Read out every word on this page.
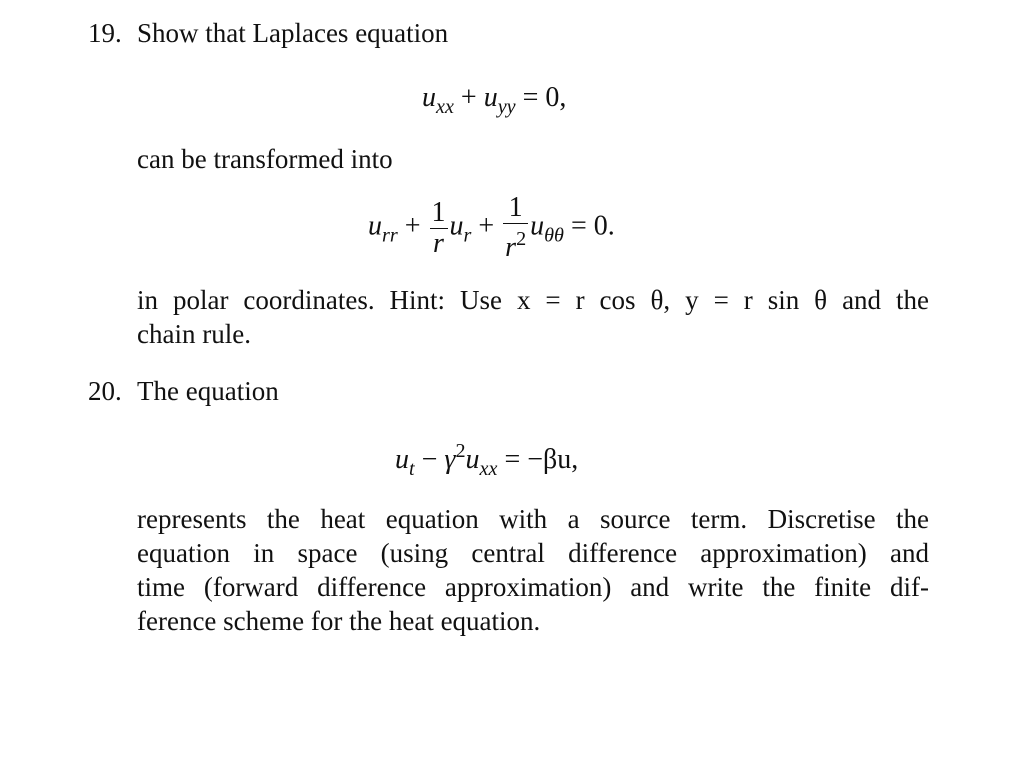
19. Show that Laplaces equation
$u_{xx} + u_{yy} = 0$,
can be transformed into
$u_{rr} + \frac{1}{r} u_r + \frac{1}{r^2} u_{\theta\theta} = 0$.
in polar coordinates. Hint: Use x = r cos θ, y = r sin θ and the
chain rule.
20. The equation
$u_t - \gamma^2u_{xx} = -\beta u$,
represents the heat equation with a source term. Discretise the
equation in space (using central difference approximation) and
time (forward difference approximation) and write the finite dif-
ference scheme for the heat equation.
